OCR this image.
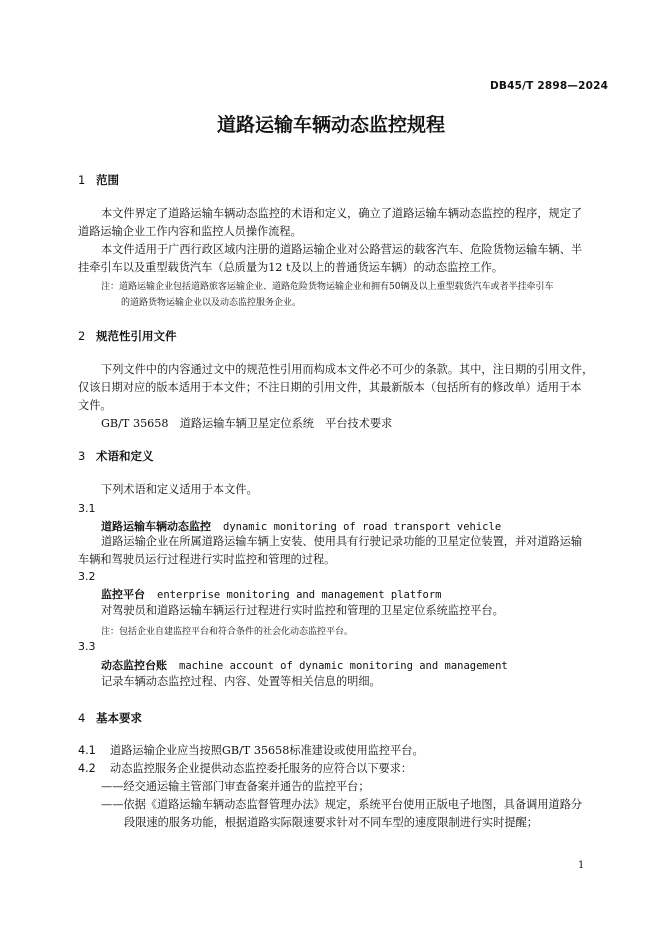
DB45/T 2898—2024
道路运输车辆动态监控规程
1 范围
本文件界定了道路运输车辆动态监控的术语和定义，确立了道路运输车辆动态监控的程序，规定了
道路运输企业工作内容和监控人员操作流程。
本文件适用于广西行政区域内注册的道路运输企业对公路营运的载客汽车、危险货物运输车辆、半
挂牵引车以及重型载货汽车（总质量为12 t及以上的普通货运车辆）的动态监控工作。
注：道路运输企业包括道路旅客运输企业、道路危险货物运输企业和拥有50辆及以上重型载货汽车或者半挂牵引车
的道路货物运输企业以及动态监控服务企业。
2 规范性引用文件
下列文件中的内容通过文中的规范性引用而构成本文件必不可少的条款。其中，注日期的引用文件，
仅该日期对应的版本适用于本文件；不注日期的引用文件，其最新版本（包括所有的修改单）适用于本
文件。
GB/T 35658　道路运输车辆卫星定位系统　平台技术要求
3 术语和定义
下列术语和定义适用于本文件。
3.1
道路运输车辆动态监控 dynamic monitoring of road transport vehicle
道路运输企业在所属道路运输车辆上安装、使用具有行驶记录功能的卫星定位装置，并对道路运输
车辆和驾驶员运行过程进行实时监控和管理的过程。
3.2
监控平台 enterprise monitoring and management platform
对驾驶员和道路运输车辆运行过程进行实时监控和管理的卫星定位系统监控平台。
注：包括企业自建监控平台和符合条件的社会化动态监控平台。
3.3
动态监控台账 machine account of dynamic monitoring and management
记录车辆动态监控过程、内容、处置等相关信息的明细。
4 基本要求
4.1 道路运输企业应当按照GB/T 35658标准建设或使用监控平台。
4.2 动态监控服务企业提供动态监控委托服务的应符合以下要求：
——经交通运输主管部门审查备案并通告的监控平台；
——依据《道路运输车辆动态监督管理办法》规定，系统平台使用正版电子地图，具备调用道路分
段限速的服务功能，根据道路实际限速要求针对不同车型的速度限制进行实时提醒；
1
